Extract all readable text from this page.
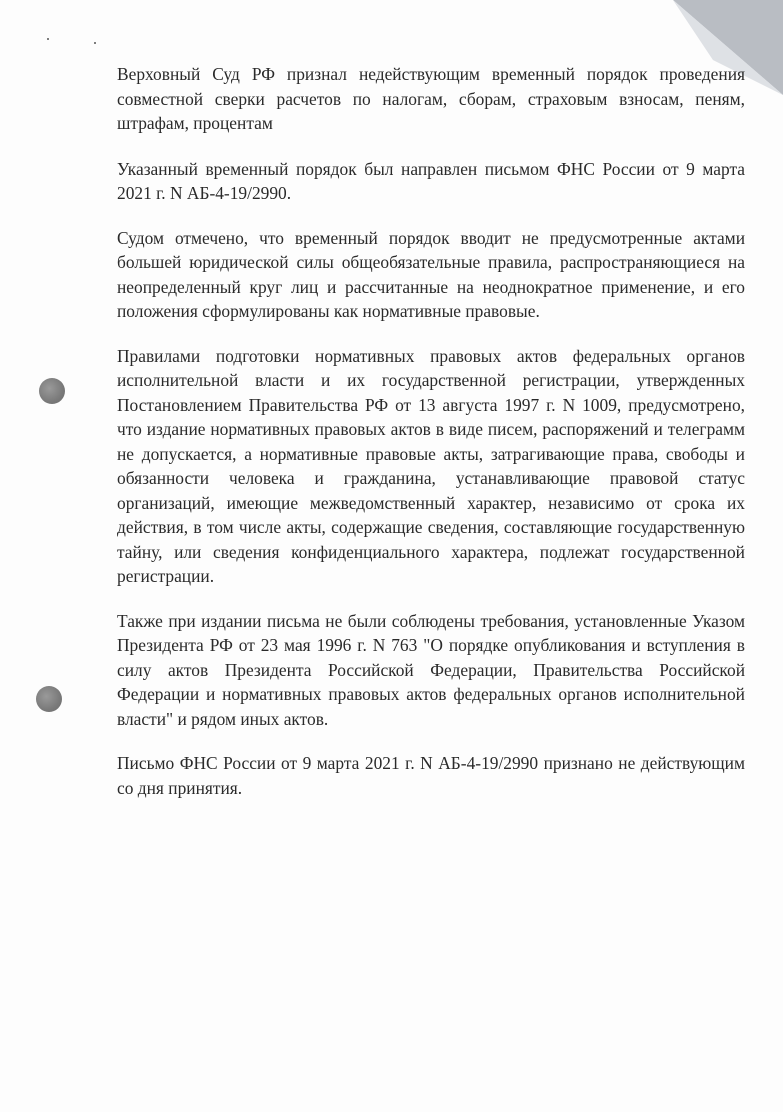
Верховный Суд РФ признал недействующим временный порядок проведения совместной сверки расчетов по налогам, сборам, страховым взносам, пеням, штрафам, процентам

Указанный временный порядок был направлен письмом ФНС России от 9 марта 2021 г. N АБ-4-19/2990.

Судом отмечено, что временный порядок вводит не предусмотренные актами большей юридической силы общеобязательные правила, распространяющиеся на неопределенный круг лиц и рассчитанные на неоднократное применение, и его положения сформулированы как нормативные правовые.

Правилами подготовки нормативных правовых актов федеральных органов исполнительной власти и их государственной регистрации, утвержденных Постановлением Правительства РФ от 13 августа 1997 г. N 1009, предусмотрено, что издание нормативных правовых актов в виде писем, распоряжений и телеграмм не допускается, а нормативные правовые акты, затрагивающие права, свободы и обязанности человека и гражданина, устанавливающие правовой статус организаций, имеющие межведомственный характер, независимо от срока их действия, в том числе акты, содержащие сведения, составляющие государственную тайну, или сведения конфиденциального характера, подлежат государственной регистрации.

Также при издании письма не были соблюдены требования, установленные Указом Президента РФ от 23 мая 1996 г. N 763 "О порядке опубликования и вступления в силу актов Президента Российской Федерации, Правительства Российской Федерации и нормативных правовых актов федеральных органов исполнительной власти" и рядом иных актов.

Письмо ФНС России от 9 марта 2021 г. N АБ-4-19/2990 признано не действующим со дня принятия.
